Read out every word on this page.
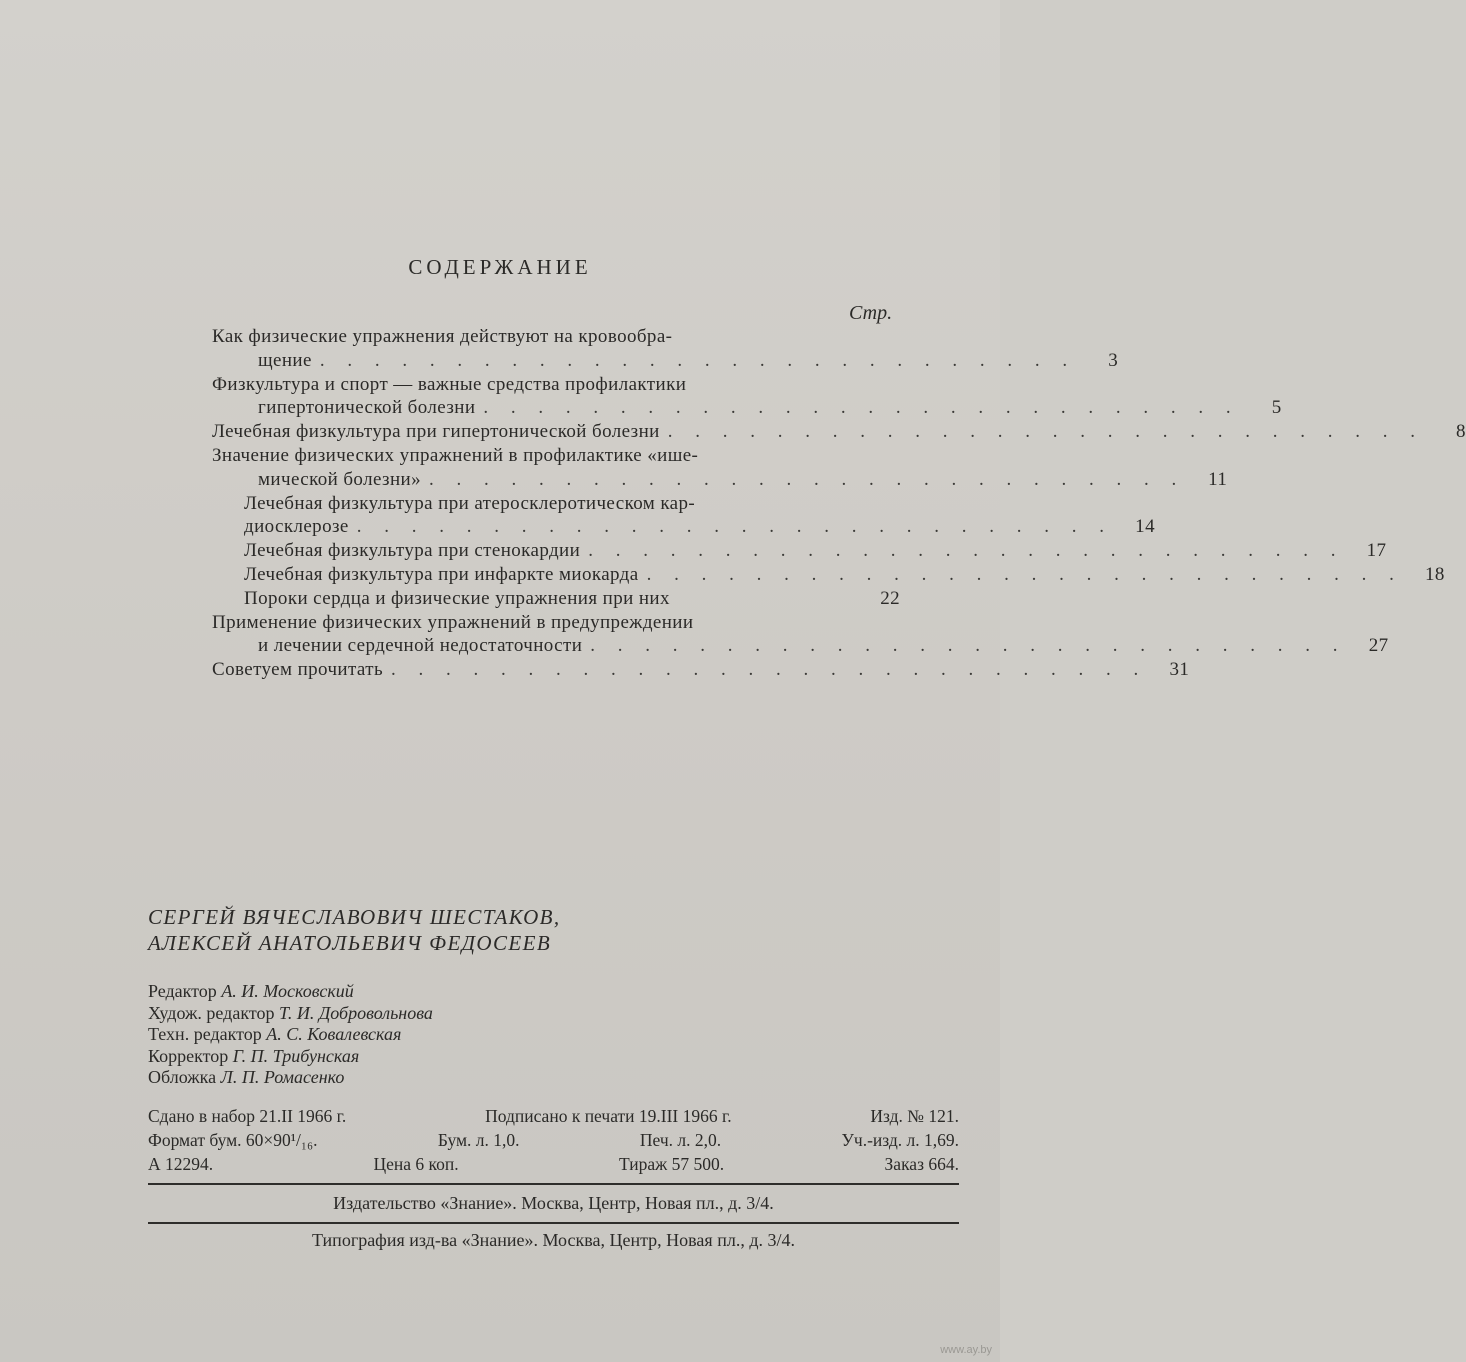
СОДЕРЖАНИЕ
Стр.
Как физические упражнения действуют на кровообра-
щение . . . . . . . . . . . . . . . . . . . . . . . . . . . .	3
Физкультура и спорт — важные средства профилактики
гипертонической болезни . . . . . . . . . . . . . . . . . . . . . . . . . . . .	5
Лечебная физкультура при гипертонической болезни . . . . . . . . . . . . . . . . . . . . . . . . . . . .	8
Значение физических упражнений в профилактике «ише-
мической болезни» . . . . . . . . . . . . . . . . . . . . . . . . . . . .	11
Лечебная физкультура при атеросклеротическом кар-
диосклерозе . . . . . . . . . . . . . . . . . . . . . . . . . . . .	14
Лечебная физкультура при стенокардии . . . . . . . . . . . . . . . . . . . . . . . . . . . .	17
Лечебная физкультура при инфаркте миокарда . . . . . . . . . . . . . . . . . . . . . . . . . . . .	18
Пороки сердца и физические упражнения при них	22
Применение физических упражнений в предупреждении
и лечении сердечной недостаточности . . . . . . . . . . . . . . . . . . . . . . . . . . . .	27
Советуем прочитать . . . . . . . . . . . . . . . . . . . . . . . . . . . .	31
СЕРГЕЙ ВЯЧЕСЛАВОВИЧ ШЕСТАКОВ,
АЛЕКСЕЙ АНАТОЛЬЕВИЧ ФЕДОСЕЕВ
Редактор А. И. Московский
Худож. редактор Т. И. Добровольнова
Техн. редактор А. С. Ковалевская
Корректор Г. П. Трибунская
Обложка Л. П. Ромасенко
Сдано в набор 21.II 1966 г.	Подписано к печати 19.III 1966 г.	Изд. № 121.
Формат бум. 60×90¹/₁₆.	Бум. л. 1,0.	Печ. л. 2,0.	Уч.-изд. л. 1,69.
А 12294.	Цена 6 коп.	Тираж 57 500.	Заказ 664.
Издательство «Знание». Москва, Центр, Новая пл., д. 3/4.
Типография изд-ва «Знание». Москва, Центр, Новая пл., д. 3/4.
www.ay.by
